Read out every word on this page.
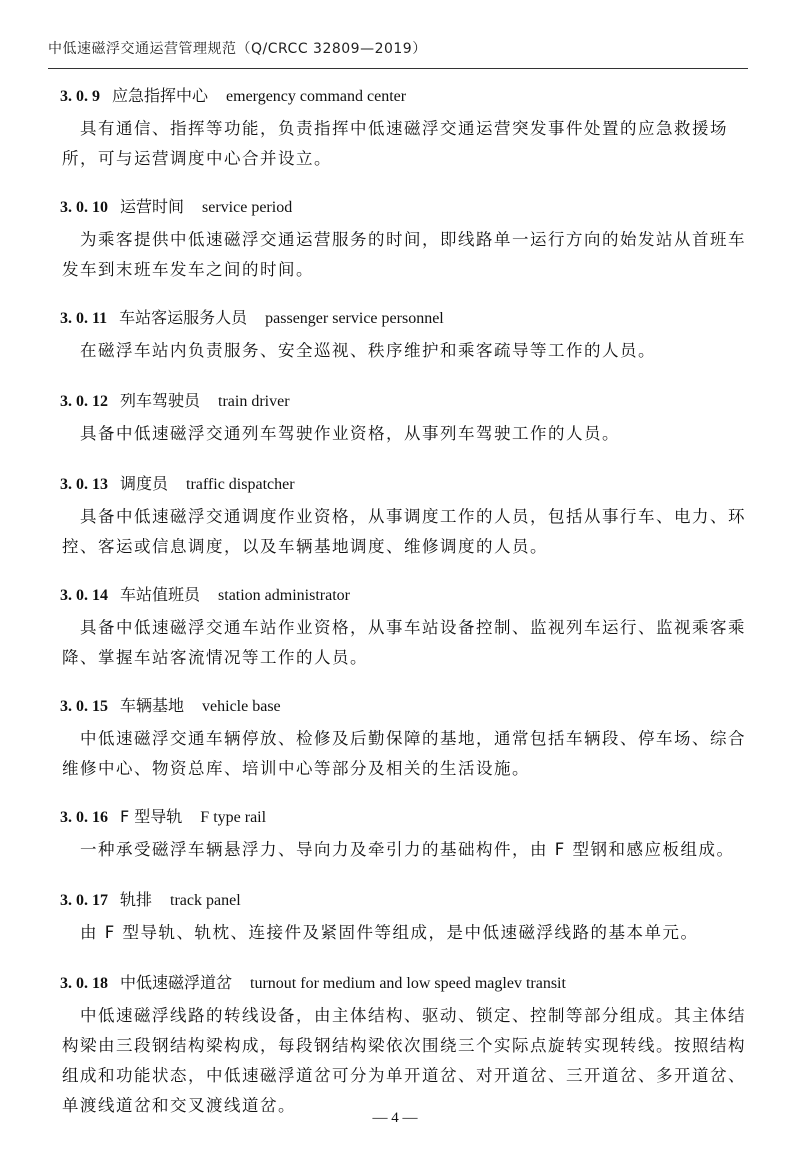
中低速磁浮交通运营管理规范（Q/CRCC 32809—2019）
3. 0. 9 应急指挥中心 emergency command center

具有通信、指挥等功能，负责指挥中低速磁浮交通运营突发事件处置的应急救援场所，可与运营调度中心合并设立。

3. 0. 10 运营时间 service period

为乘客提供中低速磁浮交通运营服务的时间，即线路单一运行方向的始发站从首班车发车到末班车发车之间的时间。

3. 0. 11 车站客运服务人员 passenger service personnel

在磁浮车站内负责服务、安全巡视、秩序维护和乘客疏导等工作的人员。

3. 0. 12 列车驾驶员 train driver

具备中低速磁浮交通列车驾驶作业资格，从事列车驾驶工作的人员。

3. 0. 13 调度员 traffic dispatcher

具备中低速磁浮交通调度作业资格，从事调度工作的人员，包括从事行车、电力、环控、客运或信息调度，以及车辆基地调度、维修调度的人员。

3. 0. 14 车站值班员 station administrator

具备中低速磁浮交通车站作业资格，从事车站设备控制、监视列车运行、监视乘客乘降、掌握车站客流情况等工作的人员。

3. 0. 15 车辆基地 vehicle base

中低速磁浮交通车辆停放、检修及后勤保障的基地，通常包括车辆段、停车场、综合维修中心、物资总库、培训中心等部分及相关的生活设施。

3. 0. 16 F 型导轨 F type rail

一种承受磁浮车辆悬浮力、导向力及牵引力的基础构件，由 F 型钢和感应板组成。

3. 0. 17 轨排 track panel

由 F 型导轨、轨枕、连接件及紧固件等组成，是中低速磁浮线路的基本单元。

3. 0. 18 中低速磁浮道岔 turnout for medium and low speed maglev transit

中低速磁浮线路的转线设备，由主体结构、驱动、锁定、控制等部分组成。其主体结构梁由三段钢结构梁构成，每段钢结构梁依次围绕三个实际点旋转实现转线。按照结构组成和功能状态，中低速磁浮道岔可分为单开道岔、对开道岔、三开道岔、多开道岔、单渡线道岔和交叉渡线道岔。

— 4 —
